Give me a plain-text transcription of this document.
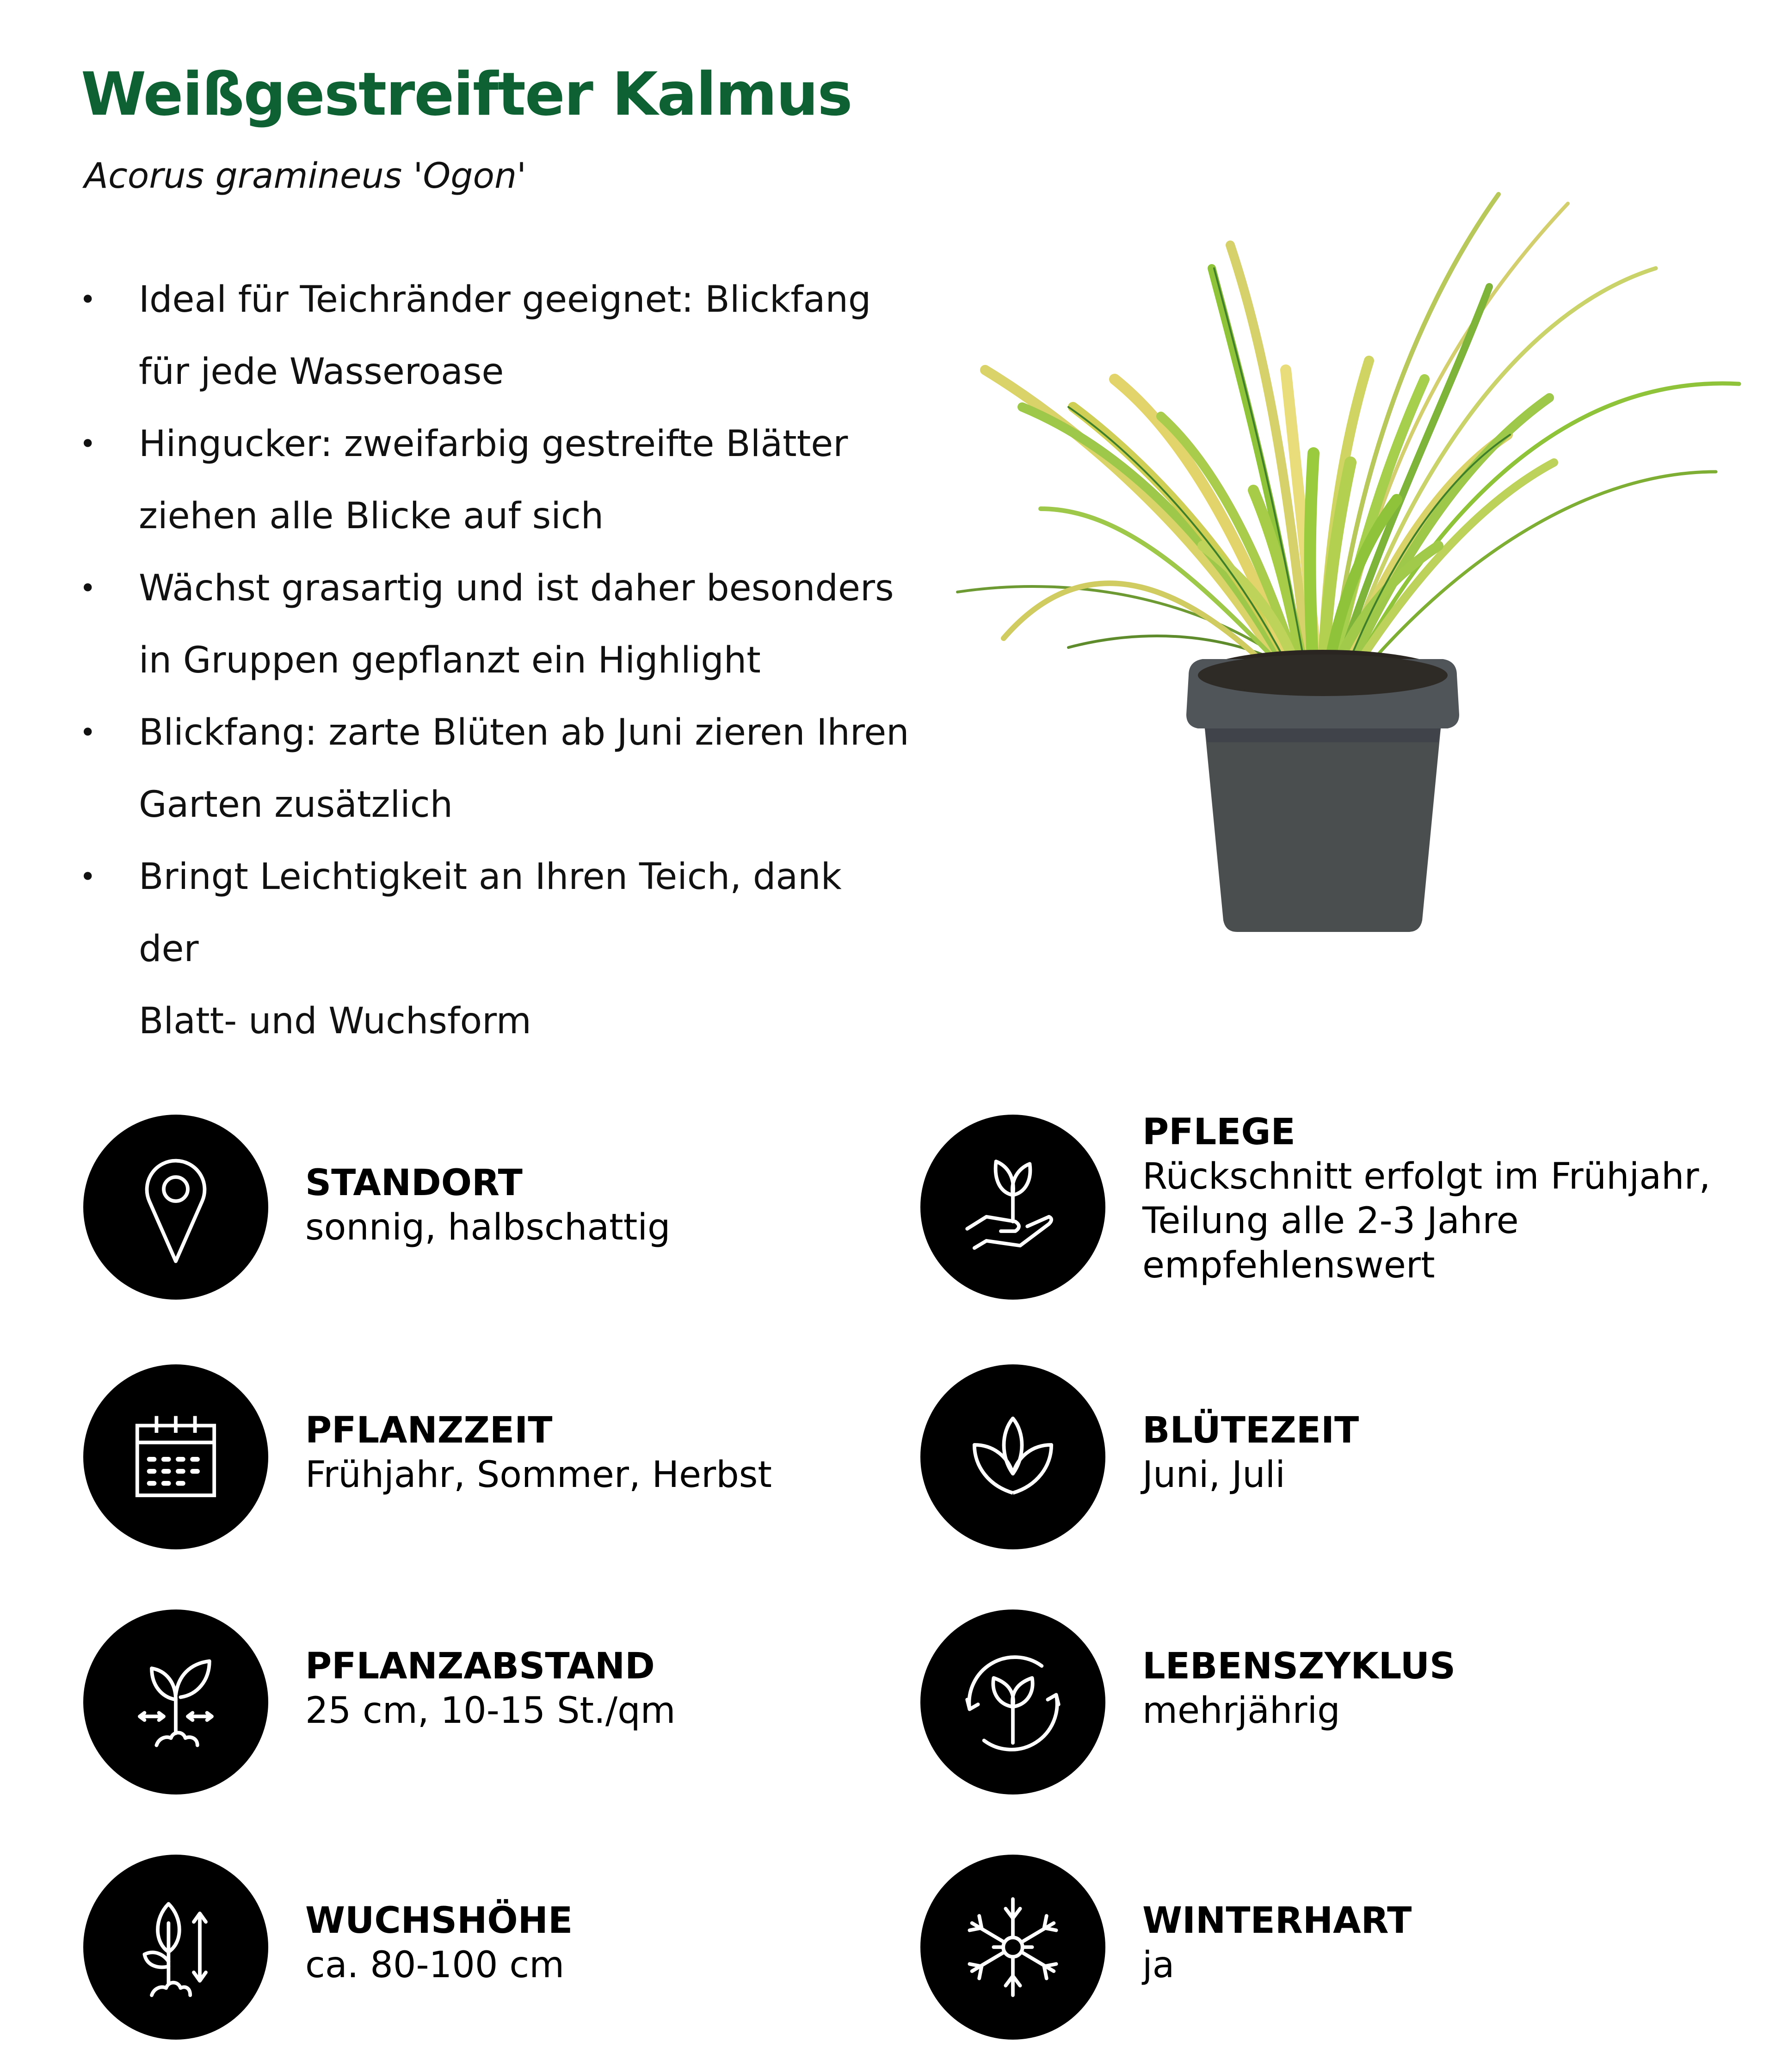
Weißgestreifter Kalmus
Acorus gramineus 'Ogon'
• Ideal für Teichränder geeignet: Blickfang
für jede Wasseroase
• Hingucker: zweifarbig gestreifte Blätter
ziehen alle Blicke auf sich
• Wächst grasartig und ist daher besonders
in Gruppen gepflanzt ein Highlight
• Blickfang: zarte Blüten ab Juni zieren Ihren
Garten zusätzlich
• Bringt Leichtigkeit an Ihren Teich, dank der
Blatt- und Wuchsform
STANDORT
sonnig, halbschattig
PFLEGE
Rückschnitt erfolgt im Frühjahr,
Teilung alle 2-3 Jahre
empfehlenswert
PFLANZZEIT
Frühjahr, Sommer, Herbst
BLÜTEZEIT
Juni, Juli
PFLANZABSTAND
25 cm, 10-15 St./qm
LEBENSZYKLUS
mehrjährig
WUCHSHÖHE
ca. 80-100 cm
WINTERHART
ja
